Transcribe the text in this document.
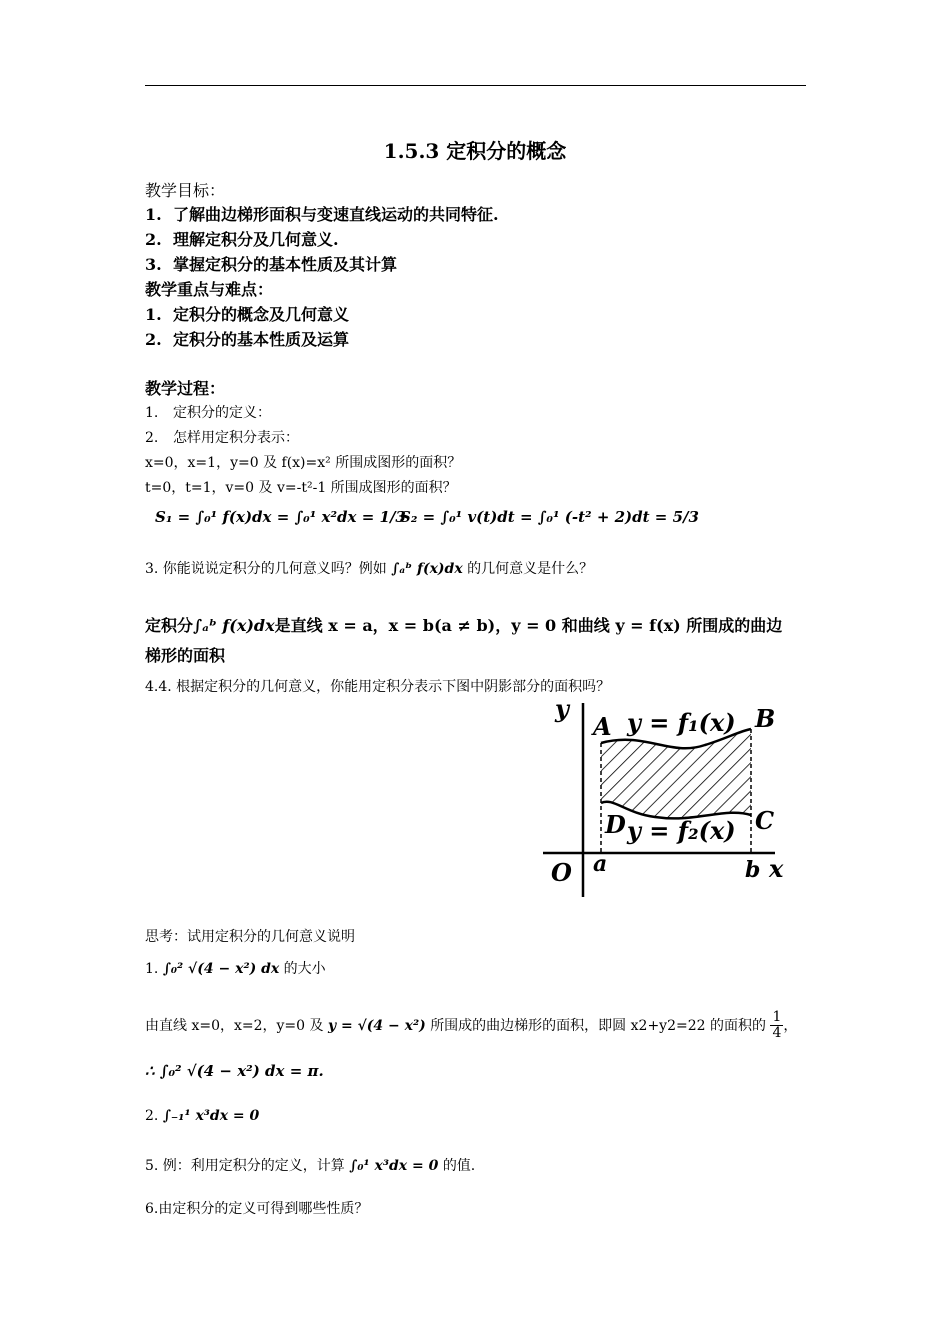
1.5.3 定积分的概念
教学目标：
1. 了解曲边梯形面积与变速直线运动的共同特征.
2. 理解定积分及几何意义.
3. 掌握定积分的基本性质及其计算
教学重点与难点：
1. 定积分的概念及几何意义
2. 定积分的基本性质及运算
教学过程：
1. 定积分的定义：
2. 怎样用定积分表示：
x=0，x=1，y=0 及 f(x)=x² 所围成图形的面积？
t=0，t=1，v=0 及 v=-t²-1 所围成图形的面积？
S₁ = ∫₀¹ f(x)dx = ∫₀¹ x²dx = 1/3
S₂ = ∫₀¹ v(t)dt = ∫₀¹ (-t² + 2)dt = 5/3
3. 你能说说定积分的几何意义吗？例如 ∫ₐᵇ f(x)dx 的几何意义是什么？
定积分∫ₐᵇ f(x)dx是直线 x = a，x = b(a ≠ b)，y = 0 和曲线 y = f(x) 所围成的曲边
梯形的面积
4.4. 根据定积分的几何意义，你能用定积分表示下图中阴影部分的面积吗？
y
x
O a	b
A	B
C
D
y = f₁(x)
y = f₂(x)
思考：试用定积分的几何意义说明
1. ∫₀² √(4 − x²) dx 的大小
由直线 x=0，x=2，y=0 及 y = √(4 − x²) 所围成的曲边梯形的面积，即圆 x2+y2=22 的面积的 $\frac{1}{4}$ ，
∴ ∫₀² √(4 − x²) dx = π.
2. ∫₋₁¹ x³dx = 0
5. 例：利用定积分的定义，计算 ∫₀¹ x³dx = 0 的值.
6.由定积分的定义可得到哪些性质？
